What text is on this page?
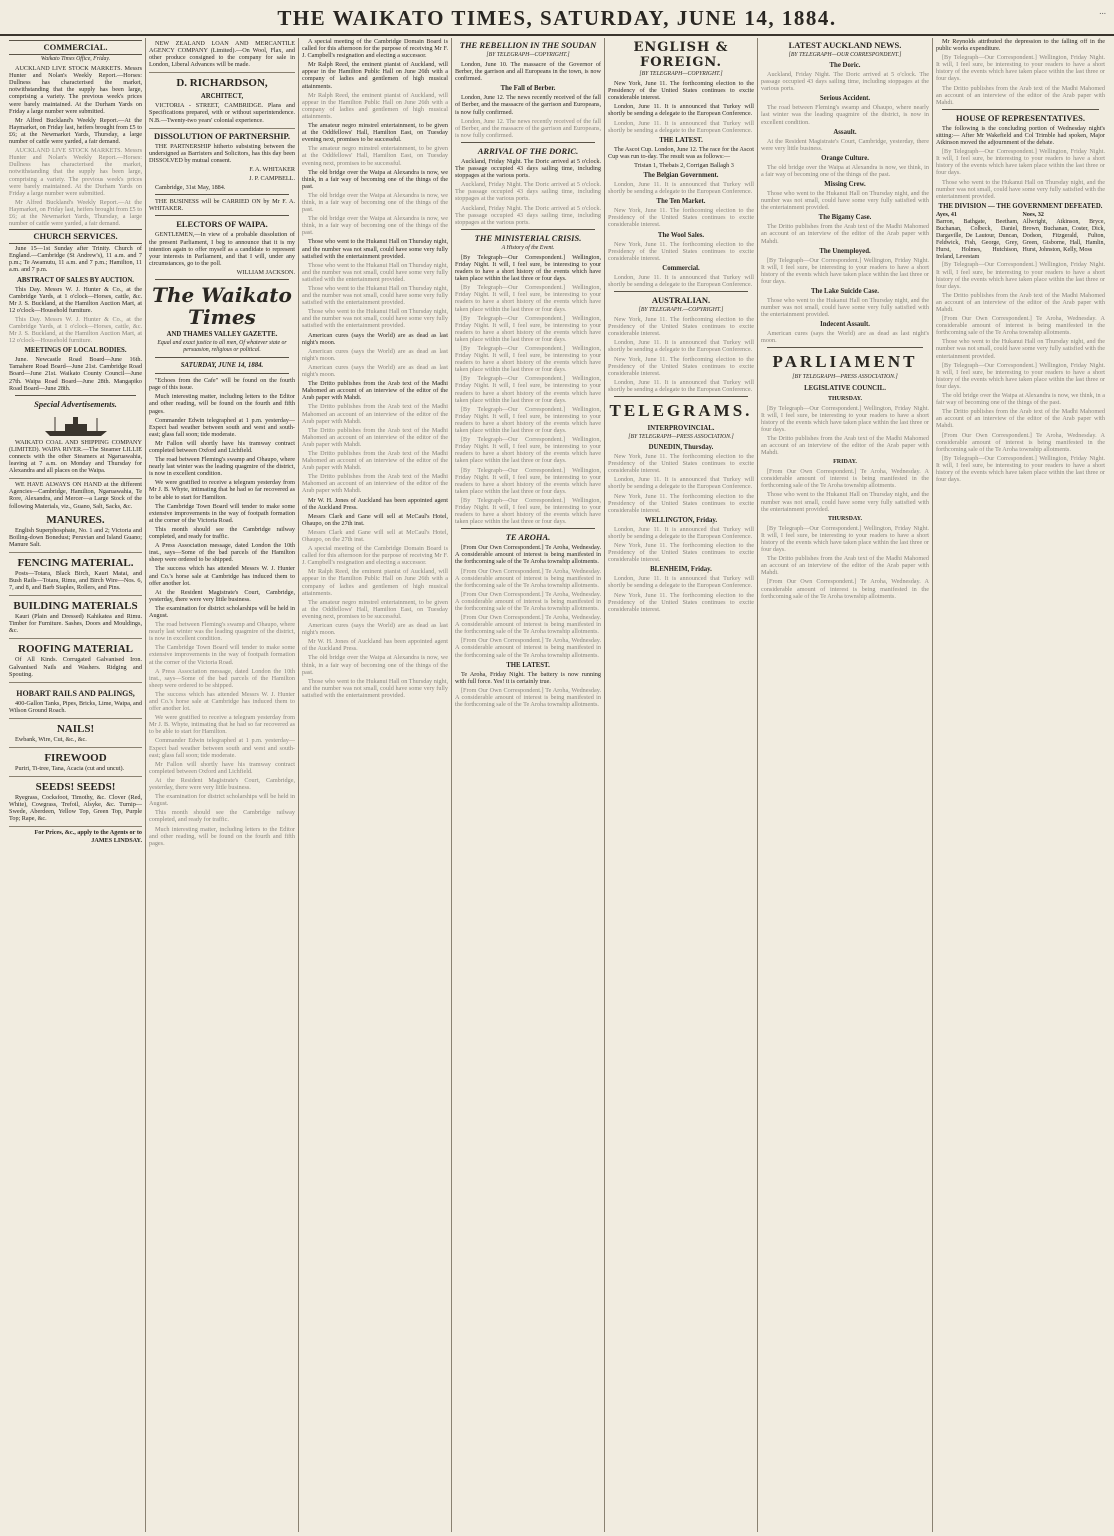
THE WAIKATO TIMES, SATURDAY, JUNE 14, 1884.	...
COMMERCIAL.
Waikato Times Office, Friday.

AUCKLAND LIVE STOCK MARKETS. Messrs Hunter and Nolan's Weekly Report.—Horses: Dullness has characterised the market, notwithstanding that the supply has been large, comprising a variety. The previous week's prices were barely maintained. At the Durham Yards on Friday a large number were submitted.

Mr Alfred Buckland's Weekly Report.—At the Haymarket, on Friday last, heifers brought from £5 to £6; at the Newmarket Yards, Thursday, a large number of cattle were yarded, a fair demand.

AUCKLAND LIVE STOCK MARKETS. Messrs Hunter and Nolan's Weekly Report.—Horses: Dullness has characterised the market, notwithstanding that the supply has been large, comprising a variety. The previous week's prices were barely maintained. At the Durham Yards on Friday a large number were submitted.

Mr Alfred Buckland's Weekly Report.—At the Haymarket, on Friday last, heifers brought from £5 to £6; at the Newmarket Yards, Thursday, a large number of cattle were yarded, a fair demand.

CHURCH SERVICES.

June 15—1st Sunday after Trinity. Church of England.—Cambridge (St Andrew's), 11 a.m. and 7 p.m.; Te Awamutu, 11 a.m. and 7 p.m.; Hamilton, 11 a.m. and 7 p.m.

ABSTRACT OF SALES BY AUCTION.

This Day. Messrs W. J. Hunter & Co., at the Cambridge Yards, at 1 o'clock—Horses, cattle, &c. Mr J. S. Buckland, at the Hamilton Auction Mart, at 12 o'clock—Household furniture.

This Day. Messrs W. J. Hunter & Co., at the Cambridge Yards, at 1 o'clock—Horses, cattle, &c. Mr J. S. Buckland, at the Hamilton Auction Mart, at 12 o'clock—Household furniture.

MEETINGS OF LOCAL BODIES.

June. Newcastle Road Board—June 16th. Tamahere Road Board—June 21st. Cambridge Road Board—June 21st. Waikato County Council—June 27th. Waipa Road Board—June 28th. Mangapiko Road Board—June 28th.

Special Advertisements.

WAIKATO COAL AND SHIPPING COMPANY (LIMITED). WAIPA RIVER.—The Steamer LILLIE connects with the other Steamers at Ngaruawahia, leaving at 7 a.m. on Monday and Thursday for Alexandra and all places on the Waipa.

WE HAVE ALWAYS ON HAND at the different Agencies—Cambridge, Hamilton, Ngaruawahia, Te Rore, Alexandra, and Mercer—a Large Stock of the following Materials, viz., Guano, Salt, Sacks, &c.

MANURES.

English Superphosphate, No. 1 and 2; Victoria and Boiling-down Bonedust; Peruvian and Island Guano; Manure Salt.

FENCING MATERIAL.

Posts—Totara, Black Birch, Kauri Matai, and Bush Rails—Totara, Rimu, and Birch Wire—Nos. 6, 7, and 8, and Barb Staples, Rollers, and Pins.

BUILDING MATERIALS

Kauri (Plain and Dressed) Kahikatea and Rimu. Timber for Furniture. Sashes, Doors and Mouldings, &c.

ROOFING MATERIAL

Of All Kinds. Corrugated Galvanised Iron. Galvanised Nails and Washers. Ridging and Spouting.

HOBART RAILS AND PALINGS,

400-Gallon Tanks, Pipes, Bricks, Lime, Waipa, and Wilson Ground Roach.

NAILS!

Ewbank, Wire, Cut, &c., &c.

FIREWOOD

Puriri, Ti-tree, Tana, Acacia (cut and uncut).

SEEDS! SEEDS!

Ryegrass, Cocksfoot, Timothy, &c. Clover (Red, White), Cowgrass, Trefoil, Alsyke, &c. Turnip—Swede, Aberdeen, Yellow Top, Green Top, Purple Top; Rape, &c.

For Prices, &c., apply to the Agents or to JAMES LINDSAY.

NEW ZEALAND LOAN AND MERCANTILE AGENCY COMPANY (Limited).—On Wool, Flax, and other produce consigned to the company for sale in London, Liberal Advances will be made.

D. RICHARDSON,
ARCHITECT,

VICTORIA - STREET, CAMBRIDGE. Plans and Specifications prepared, with or without superintendence. N.B.—Twenty-two years' colonial experience.

DISSOLUTION OF PARTNERSHIP.

THE PARTNERSHIP hitherto subsisting between the undersigned as Barristers and Solicitors, has this day been DISSOLVED by mutual consent.

F. A. WHITAKER

J. P. CAMPBELL.

Cambridge, 31st May, 1884.

THE BUSINESS will be CARRIED ON by Mr F. A. WHITAKER.

ELECTORS OF WAIPA.

GENTLEMEN,—In view of a probable dissolution of the present Parliament, I beg to announce that it is my intention again to offer myself as a candidate to represent your interests in Parliament, and that I will, under any circumstances, go to the poll.

WILLIAM JACKSON.

The Waikato Times
AND THAMES VALLEY GAZETTE.
Equal and exact justice to all men, Of whatever state or persuasion, religious or political.
SATURDAY, JUNE 14, 1884.

"Echoes from the Cafe" will be found on the fourth page of this issue.

Much interesting matter, including letters to the Editor and other reading, will be found on the fourth and fifth pages.

Commander Edwin telegraphed at 1 p.m. yesterday—Expect bad weather between south and west and south-east; glass fall soon; tide moderate.

Mr Fallon will shortly have his tramway contract completed between Oxford and Lichfield.

The road between Fleming's swamp and Ohaupo, where nearly last winter was the leading quagmire of the district, is now in excellent condition.

We were gratified to receive a telegram yesterday from Mr J. B. Whyte, intimating that he had so far recovered as to be able to start for Hamilton.

The Cambridge Town Board will tender to make some extensive improvements in the way of footpath formation at the corner of the Victoria Road.

This month should see the Cambridge railway completed, and ready for traffic.

A Press Association message, dated London the 10th inst., says—Some of the bad parcels of the Hamilton sheep were ordered to be shipped.

The success which has attended Messrs W. J. Hunter and Co.'s horse sale at Cambridge has induced them to offer another lot.

At the Resident Magistrate's Court, Cambridge, yesterday, there were very little business.

The examination for district scholarships will be held in August.

The road between Fleming's swamp and Ohaupo, where nearly last winter was the leading quagmire of the district, is now in excellent condition.

The Cambridge Town Board will tender to make some extensive improvements in the way of footpath formation at the corner of the Victoria Road.

A Press Association message, dated London the 10th inst., says—Some of the bad parcels of the Hamilton sheep were ordered to be shipped.

The success which has attended Messrs W. J. Hunter and Co.'s horse sale at Cambridge has induced them to offer another lot.

We were gratified to receive a telegram yesterday from Mr J. B. Whyte, intimating that he had so far recovered as to be able to start for Hamilton.

Commander Edwin telegraphed at 1 p.m. yesterday—Expect bad weather between south and west and south-east; glass fall soon; tide moderate.

Mr Fallon will shortly have his tramway contract completed between Oxford and Lichfield.

At the Resident Magistrate's Court, Cambridge, yesterday, there were very little business.

The examination for district scholarships will be held in August.

This month should see the Cambridge railway completed, and ready for traffic.

Much interesting matter, including letters to the Editor and other reading, will be found on the fourth and fifth pages.

A special meeting of the Cambridge Domain Board is called for this afternoon for the purpose of receiving Mr F. J. Campbell's resignation and electing a successor.

Mr Ralph Reed, the eminent pianist of Auckland, will appear in the Hamilton Public Hall on June 26th with a company of ladies and gentlemen of high musical attainments.

Mr Ralph Reed, the eminent pianist of Auckland, will appear in the Hamilton Public Hall on June 26th with a company of ladies and gentlemen of high musical attainments.

The amateur negro minstrel entertainment, to be given at the Oddfellows' Hall, Hamilton East, on Tuesday evening next, promises to be successful.

The amateur negro minstrel entertainment, to be given at the Oddfellows' Hall, Hamilton East, on Tuesday evening next, promises to be successful.

The old bridge over the Waipa at Alexandra is now, we think, in a fair way of becoming one of the things of the past.

The old bridge over the Waipa at Alexandra is now, we think, in a fair way of becoming one of the things of the past.

The old bridge over the Waipa at Alexandra is now, we think, in a fair way of becoming one of the things of the past.

Those who went to the Hukanui Hall on Thursday night, and the number was not small, could have some very fully satisfied with the entertainment provided.

Those who went to the Hukanui Hall on Thursday night, and the number was not small, could have some very fully satisfied with the entertainment provided.

Those who went to the Hukanui Hall on Thursday night, and the number was not small, could have some very fully satisfied with the entertainment provided.

Those who went to the Hukanui Hall on Thursday night, and the number was not small, could have some very fully satisfied with the entertainment provided.

American cures (says the World) are as dead as last night's moon.

American cures (says the World) are as dead as last night's moon.

American cures (says the World) are as dead as last night's moon.

The Dritto publishes from the Arab text of the Madhi Mahomed an account of an interview of the editor of the Arab paper with Mahdi.

The Dritto publishes from the Arab text of the Madhi Mahomed an account of an interview of the editor of the Arab paper with Mahdi.

The Dritto publishes from the Arab text of the Madhi Mahomed an account of an interview of the editor of the Arab paper with Mahdi.

The Dritto publishes from the Arab text of the Madhi Mahomed an account of an interview of the editor of the Arab paper with Mahdi.

The Dritto publishes from the Arab text of the Madhi Mahomed an account of an interview of the editor of the Arab paper with Mahdi.

Mr W. H. Jones of Auckland has been appointed agent of the Auckland Press.

Messrs Clark and Gane will sell at McCaul's Hotel, Ohaupo, on the 27th inst.

Messrs Clark and Gane will sell at McCaul's Hotel, Ohaupo, on the 27th inst.

A special meeting of the Cambridge Domain Board is called for this afternoon for the purpose of receiving Mr F. J. Campbell's resignation and electing a successor.

Mr Ralph Reed, the eminent pianist of Auckland, will appear in the Hamilton Public Hall on June 26th with a company of ladies and gentlemen of high musical attainments.

The amateur negro minstrel entertainment, to be given at the Oddfellows' Hall, Hamilton East, on Tuesday evening next, promises to be successful.

American cures (says the World) are as dead as last night's moon.

Mr W. H. Jones of Auckland has been appointed agent of the Auckland Press.

The old bridge over the Waipa at Alexandra is now, we think, in a fair way of becoming one of the things of the past.

Those who went to the Hukanui Hall on Thursday night, and the number was not small, could have some very fully satisfied with the entertainment provided.

THE REBELLION IN THE SOUDAN
[BY TELEGRAPH—COPYRIGHT.]

London, June 10. The massacre of the Governor of Berber, the garrison and all Europeans in the town, is now confirmed.

The Fall of Berber.

London, June 12. The news recently received of the fall of Berber, and the massacre of the garrison and Europeans, is now fully confirmed.

London, June 12. The news recently received of the fall of Berber, and the massacre of the garrison and Europeans, is now fully confirmed.

ARRIVAL OF THE DORIC.

Auckland, Friday Night. The Doric arrived at 5 o'clock. The passage occupied 43 days sailing time, including stoppages at the various ports.

Auckland, Friday Night. The Doric arrived at 5 o'clock. The passage occupied 43 days sailing time, including stoppages at the various ports.

Auckland, Friday Night. The Doric arrived at 5 o'clock. The passage occupied 43 days sailing time, including stoppages at the various ports.

THE MINISTERIAL CRISIS.
A History of the Event.

[By Telegraph—Our Correspondent.] Wellington, Friday Night. It will, I feel sure, be interesting to your readers to have a short history of the events which have taken place within the last three or four days.

[By Telegraph—Our Correspondent.] Wellington, Friday Night. It will, I feel sure, be interesting to your readers to have a short history of the events which have taken place within the last three or four days.

[By Telegraph—Our Correspondent.] Wellington, Friday Night. It will, I feel sure, be interesting to your readers to have a short history of the events which have taken place within the last three or four days.

[By Telegraph—Our Correspondent.] Wellington, Friday Night. It will, I feel sure, be interesting to your readers to have a short history of the events which have taken place within the last three or four days.

[By Telegraph—Our Correspondent.] Wellington, Friday Night. It will, I feel sure, be interesting to your readers to have a short history of the events which have taken place within the last three or four days.

[By Telegraph—Our Correspondent.] Wellington, Friday Night. It will, I feel sure, be interesting to your readers to have a short history of the events which have taken place within the last three or four days.

[By Telegraph—Our Correspondent.] Wellington, Friday Night. It will, I feel sure, be interesting to your readers to have a short history of the events which have taken place within the last three or four days.

[By Telegraph—Our Correspondent.] Wellington, Friday Night. It will, I feel sure, be interesting to your readers to have a short history of the events which have taken place within the last three or four days.

[By Telegraph—Our Correspondent.] Wellington, Friday Night. It will, I feel sure, be interesting to your readers to have a short history of the events which have taken place within the last three or four days.

TE AROHA.

[From Our Own Correspondent.] Te Aroha, Wednesday. A considerable amount of interest is being manifested in the forthcoming sale of the Te Aroha township allotments.

[From Our Own Correspondent.] Te Aroha, Wednesday. A considerable amount of interest is being manifested in the forthcoming sale of the Te Aroha township allotments.

[From Our Own Correspondent.] Te Aroha, Wednesday. A considerable amount of interest is being manifested in the forthcoming sale of the Te Aroha township allotments.

[From Our Own Correspondent.] Te Aroha, Wednesday. A considerable amount of interest is being manifested in the forthcoming sale of the Te Aroha township allotments.

[From Our Own Correspondent.] Te Aroha, Wednesday. A considerable amount of interest is being manifested in the forthcoming sale of the Te Aroha township allotments.

THE LATEST.

Te Aroha, Friday Night. The battery is now running with full force. Yes! it is certainly true.

[From Our Own Correspondent.] Te Aroha, Wednesday. A considerable amount of interest is being manifested in the forthcoming sale of the Te Aroha township allotments.

ENGLISH & FOREIGN.
[BY TELEGRAPH—COPYRIGHT.]

New York, June 11. The forthcoming election to the Presidency of the United States continues to excite considerable interest.

London, June 11. It is announced that Turkey will shortly be sending a delegate to the European Conference.

London, June 11. It is announced that Turkey will shortly be sending a delegate to the European Conference.

THE LATEST.

The Ascot Cup. London, June 12. The race for the Ascot Cup was run to-day. The result was as follows:—

Tristan 1, Thebais 2, Corrigan Ballagh 3

The Belgian Government.

London, June 11. It is announced that Turkey will shortly be sending a delegate to the European Conference.

The Ten Market.

New York, June 11. The forthcoming election to the Presidency of the United States continues to excite considerable interest.

The Wool Sales.

New York, June 11. The forthcoming election to the Presidency of the United States continues to excite considerable interest.

Commercial.

London, June 11. It is announced that Turkey will shortly be sending a delegate to the European Conference.

AUSTRALIAN.
[BY TELEGRAPH.—COPYRIGHT.]

New York, June 11. The forthcoming election to the Presidency of the United States continues to excite considerable interest.

London, June 11. It is announced that Turkey will shortly be sending a delegate to the European Conference.

New York, June 11. The forthcoming election to the Presidency of the United States continues to excite considerable interest.

London, June 11. It is announced that Turkey will shortly be sending a delegate to the European Conference.

TELEGRAMS.
INTERPROVINCIAL.
[BY TELEGRAPH—PRESS ASSOCIATION.]
DUNEDIN, Thursday.

New York, June 11. The forthcoming election to the Presidency of the United States continues to excite considerable interest.

London, June 11. It is announced that Turkey will shortly be sending a delegate to the European Conference.

New York, June 11. The forthcoming election to the Presidency of the United States continues to excite considerable interest.

WELLINGTON, Friday.

London, June 11. It is announced that Turkey will shortly be sending a delegate to the European Conference.

New York, June 11. The forthcoming election to the Presidency of the United States continues to excite considerable interest.

BLENHEIM, Friday.

London, June 11. It is announced that Turkey will shortly be sending a delegate to the European Conference.

New York, June 11. The forthcoming election to the Presidency of the United States continues to excite considerable interest.

LATEST AUCKLAND NEWS.
[BY TELEGRAPH—OUR CORRESPONDENT.]
The Doric.

Auckland, Friday Night. The Doric arrived at 5 o'clock. The passage occupied 43 days sailing time, including stoppages at the various ports.

Serious Accident.

The road between Fleming's swamp and Ohaupo, where nearly last winter was the leading quagmire of the district, is now in excellent condition.

Assault.

At the Resident Magistrate's Court, Cambridge, yesterday, there were very little business.

Orange Culture.

The old bridge over the Waipa at Alexandra is now, we think, in a fair way of becoming one of the things of the past.

Missing Crew.

Those who went to the Hukanui Hall on Thursday night, and the number was not small, could have some very fully satisfied with the entertainment provided.

The Bigamy Case.

The Dritto publishes from the Arab text of the Madhi Mahomed an account of an interview of the editor of the Arab paper with Mahdi.

The Unemployed.

[By Telegraph—Our Correspondent.] Wellington, Friday Night. It will, I feel sure, be interesting to your readers to have a short history of the events which have taken place within the last three or four days.

The Lake Suicide Case.

Those who went to the Hukanui Hall on Thursday night, and the number was not small, could have some very fully satisfied with the entertainment provided.

Indecent Assault.

American cures (says the World) are as dead as last night's moon.

PARLIAMENT
[BY TELEGRAPH—PRESS ASSOCIATION.]
LEGISLATIVE COUNCIL.
THURSDAY.

[By Telegraph—Our Correspondent.] Wellington, Friday Night. It will, I feel sure, be interesting to your readers to have a short history of the events which have taken place within the last three or four days.

The Dritto publishes from the Arab text of the Madhi Mahomed an account of an interview of the editor of the Arab paper with Mahdi.

FRIDAY.

[From Our Own Correspondent.] Te Aroha, Wednesday. A considerable amount of interest is being manifested in the forthcoming sale of the Te Aroha township allotments.

Those who went to the Hukanui Hall on Thursday night, and the number was not small, could have some very fully satisfied with the entertainment provided.

THURSDAY.

[By Telegraph—Our Correspondent.] Wellington, Friday Night. It will, I feel sure, be interesting to your readers to have a short history of the events which have taken place within the last three or four days.

The Dritto publishes from the Arab text of the Madhi Mahomed an account of an interview of the editor of the Arab paper with Mahdi.

[From Our Own Correspondent.] Te Aroha, Wednesday. A considerable amount of interest is being manifested in the forthcoming sale of the Te Aroha township allotments.

Mr Reynolds attributed the depression to the falling off in the public works expenditure.

[By Telegraph—Our Correspondent.] Wellington, Friday Night. It will, I feel sure, be interesting to your readers to have a short history of the events which have taken place within the last three or four days.

The Dritto publishes from the Arab text of the Madhi Mahomed an account of an interview of the editor of the Arab paper with Mahdi.

HOUSE OF REPRESENTATIVES.

The following is the concluding portion of Wednesday night's sitting:— After Mr Wakefield and Col Trimble had spoken, Major Atkinson moved the adjournment of the debate.

[By Telegraph—Our Correspondent.] Wellington, Friday Night. It will, I feel sure, be interesting to your readers to have a short history of the events which have taken place within the last three or four days.

Those who went to the Hukanui Hall on Thursday night, and the number was not small, could have some very fully satisfied with the entertainment provided.

THE DIVISION — THE GOVERNMENT DEFEATED.
Ayes, 41
Barron, Bathgate, Beetham, Buchanan, Colbeck, Daniel, Dargaville, De Lautour, Duncan, Feldwick, Fish, George, Grey, Hurst, Holmes, Hutchison, Ireland, Levestam
Noes, 32
Allwright, Atkinson, Bryce, Brown, Buchanan, Coster, Dick, Dodson, Fitzgerald, Fulton, Green, Gisborne, Hall, Hamlin, Hurst, Johnston, Kelly, Moss

[By Telegraph—Our Correspondent.] Wellington, Friday Night. It will, I feel sure, be interesting to your readers to have a short history of the events which have taken place within the last three or four days.

The Dritto publishes from the Arab text of the Madhi Mahomed an account of an interview of the editor of the Arab paper with Mahdi.

[From Our Own Correspondent.] Te Aroha, Wednesday. A considerable amount of interest is being manifested in the forthcoming sale of the Te Aroha township allotments.

Those who went to the Hukanui Hall on Thursday night, and the number was not small, could have some very fully satisfied with the entertainment provided.

[By Telegraph—Our Correspondent.] Wellington, Friday Night. It will, I feel sure, be interesting to your readers to have a short history of the events which have taken place within the last three or four days.

The old bridge over the Waipa at Alexandra is now, we think, in a fair way of becoming one of the things of the past.

The Dritto publishes from the Arab text of the Madhi Mahomed an account of an interview of the editor of the Arab paper with Mahdi.

[From Our Own Correspondent.] Te Aroha, Wednesday. A considerable amount of interest is being manifested in the forthcoming sale of the Te Aroha township allotments.

[By Telegraph—Our Correspondent.] Wellington, Friday Night. It will, I feel sure, be interesting to your readers to have a short history of the events which have taken place within the last three or four days.
